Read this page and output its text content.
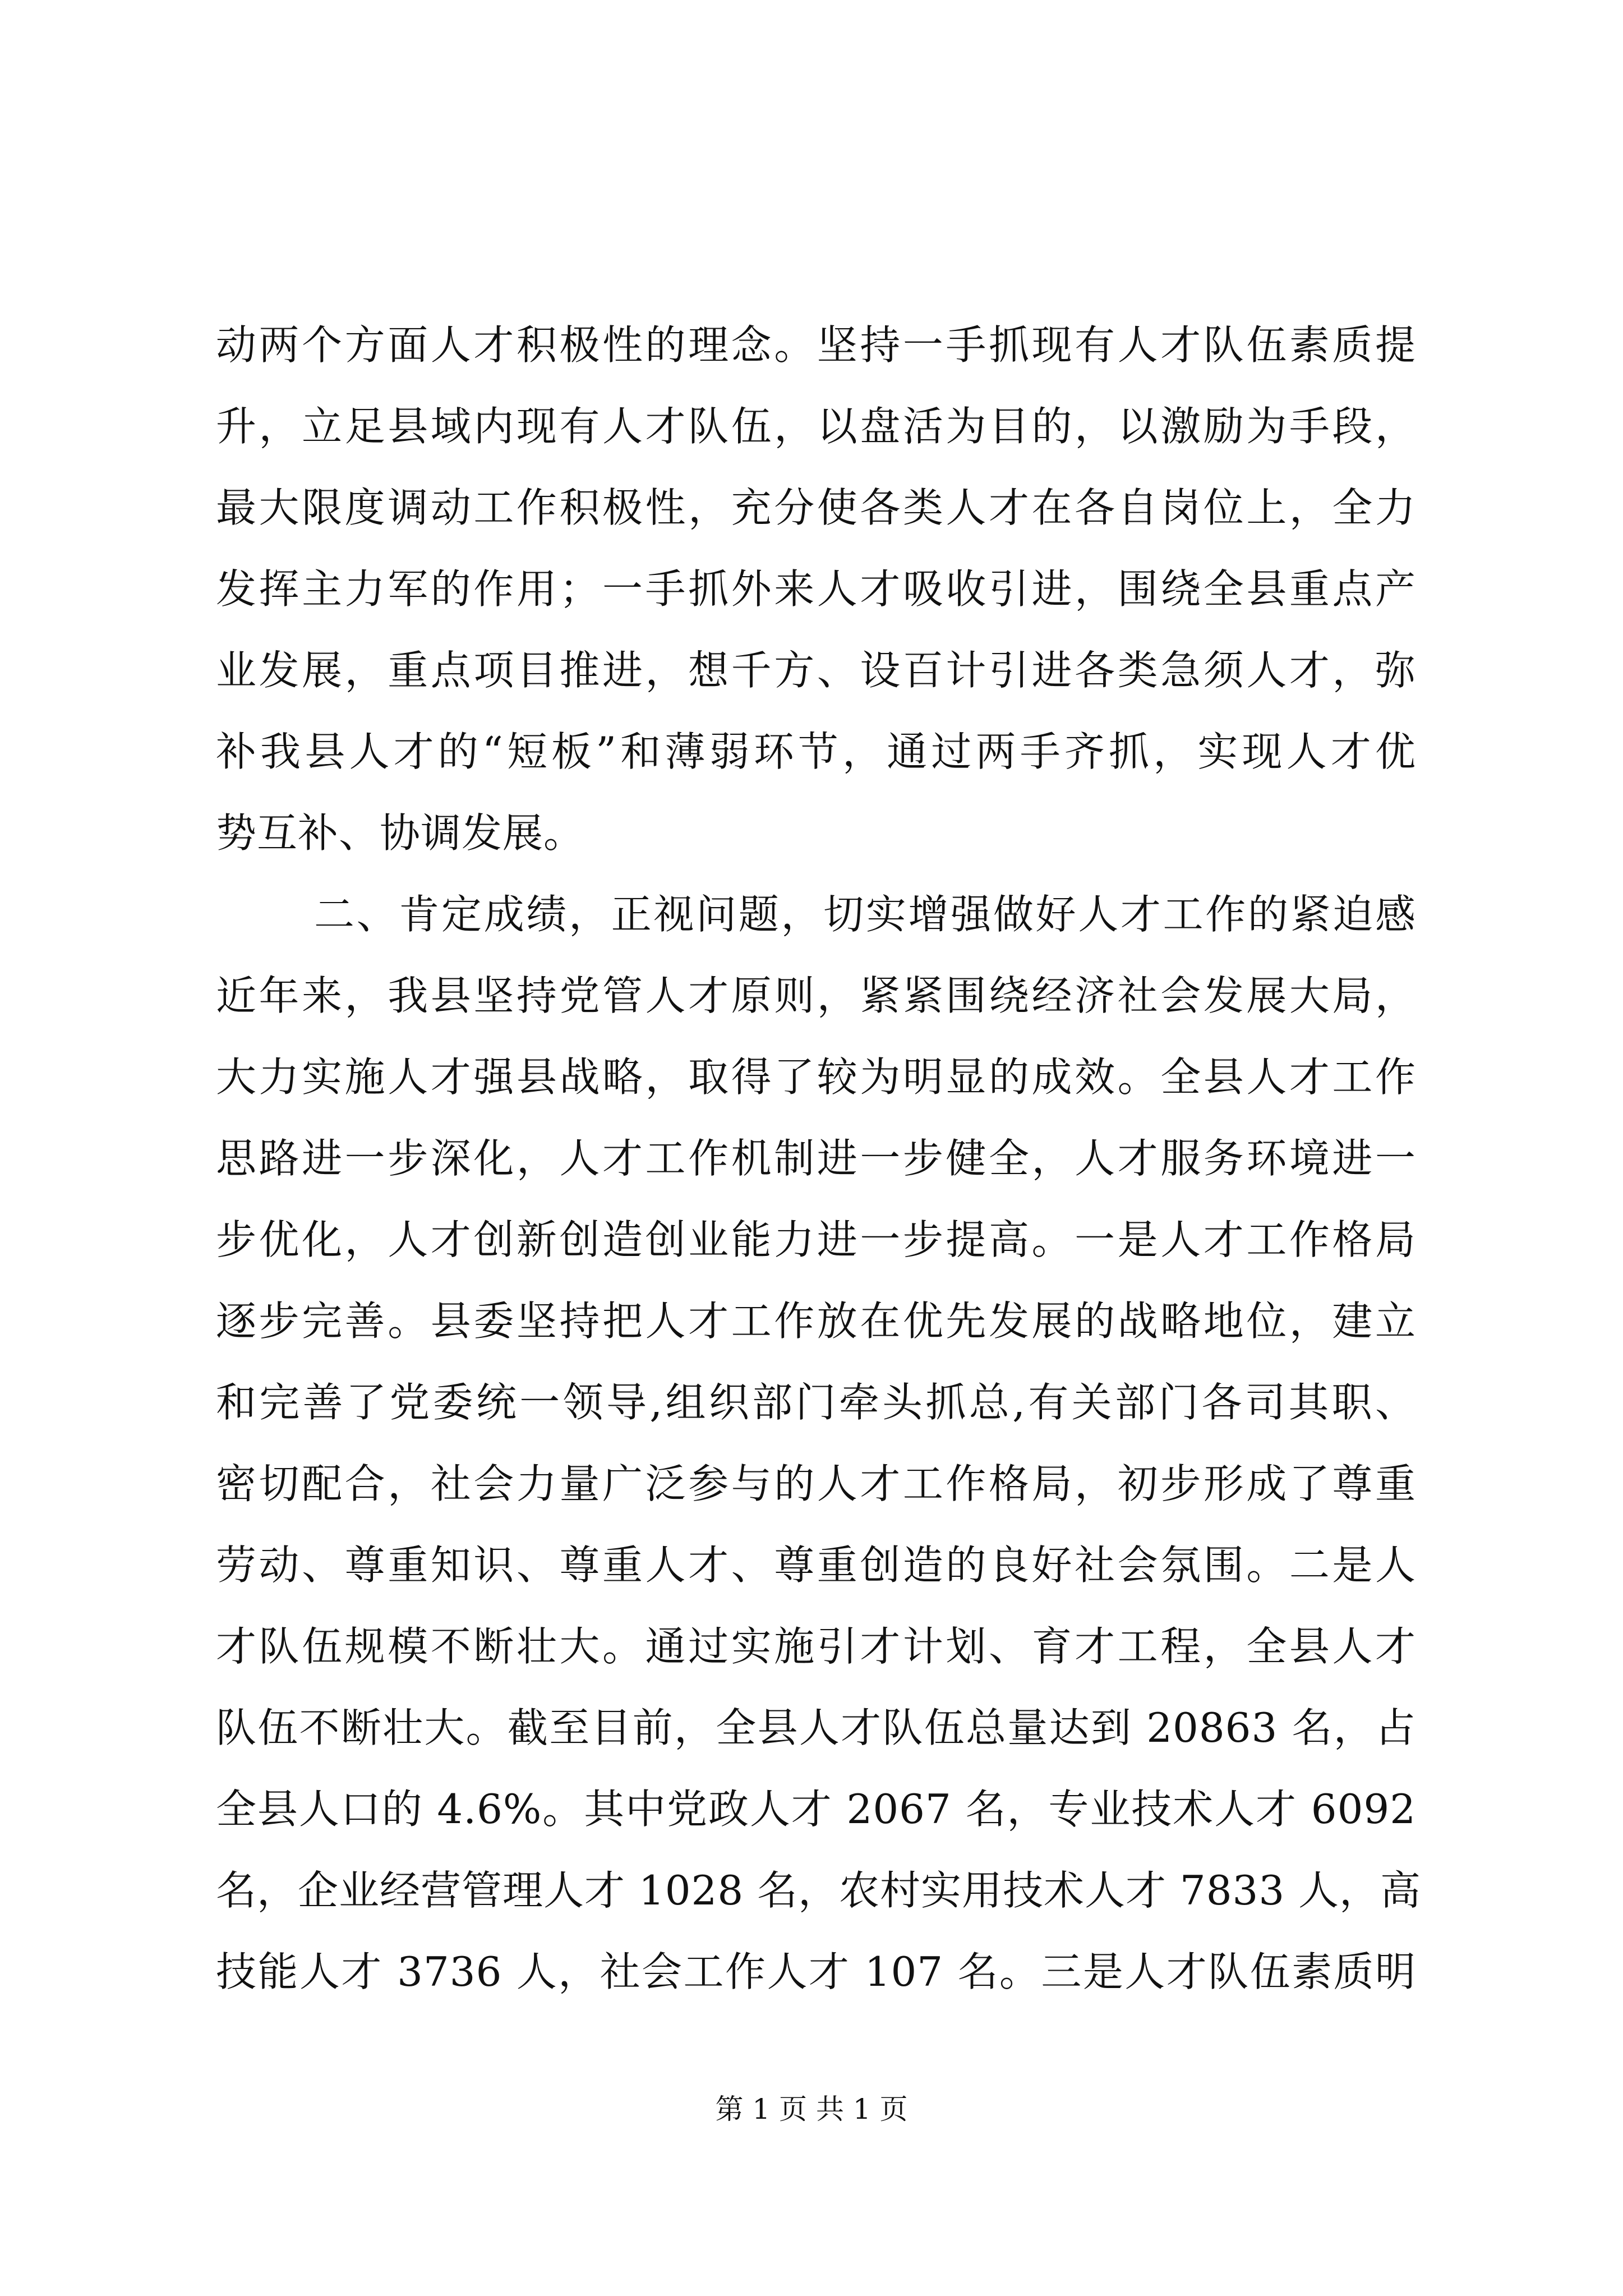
动两个方面人才积极性的理念。坚持一手抓现有人才队伍素质提
升，立足县域内现有人才队伍，以盘活为目的，以激励为手段，
最大限度调动工作积极性，充分使各类人才在各自岗位上，全力
发挥主力军的作用；一手抓外来人才吸收引进，围绕全县重点产
业发展，重点项目推进，想千方、设百计引进各类急须人才，弥
补我县人才的“短板”和薄弱环节，通过两手齐抓，实现人才优
势互补、协调发展。
二、肯定成绩，正视问题，切实增强做好人才工作的紧迫感
近年来，我县坚持党管人才原则，紧紧围绕经济社会发展大局，
大力实施人才强县战略，取得了较为明显的成效。全县人才工作
思路进一步深化，人才工作机制进一步健全，人才服务环境进一
步优化，人才创新创造创业能力进一步提高。一是人才工作格局
逐步完善。县委坚持把人才工作放在优先发展的战略地位，建立
和完善了党委统一领导,组织部门牵头抓总,有关部门各司其职、
密切配合，社会力量广泛参与的人才工作格局，初步形成了尊重
劳动、尊重知识、尊重人才、尊重创造的良好社会氛围。二是人
才队伍规模不断壮大。通过实施引才计划、育才工程，全县人才
队伍不断壮大。截至目前，全县人才队伍总量达到 20863 名，占
全县人口的 4.6%。其中党政人才 2067 名，专业技术人才 6092
名，企业经营管理人才 1028 名，农村实用技术人才 7833 人，高
技能人才 3736 人，社会工作人才 107 名。三是人才队伍素质明
第 1 页 共 1 页
